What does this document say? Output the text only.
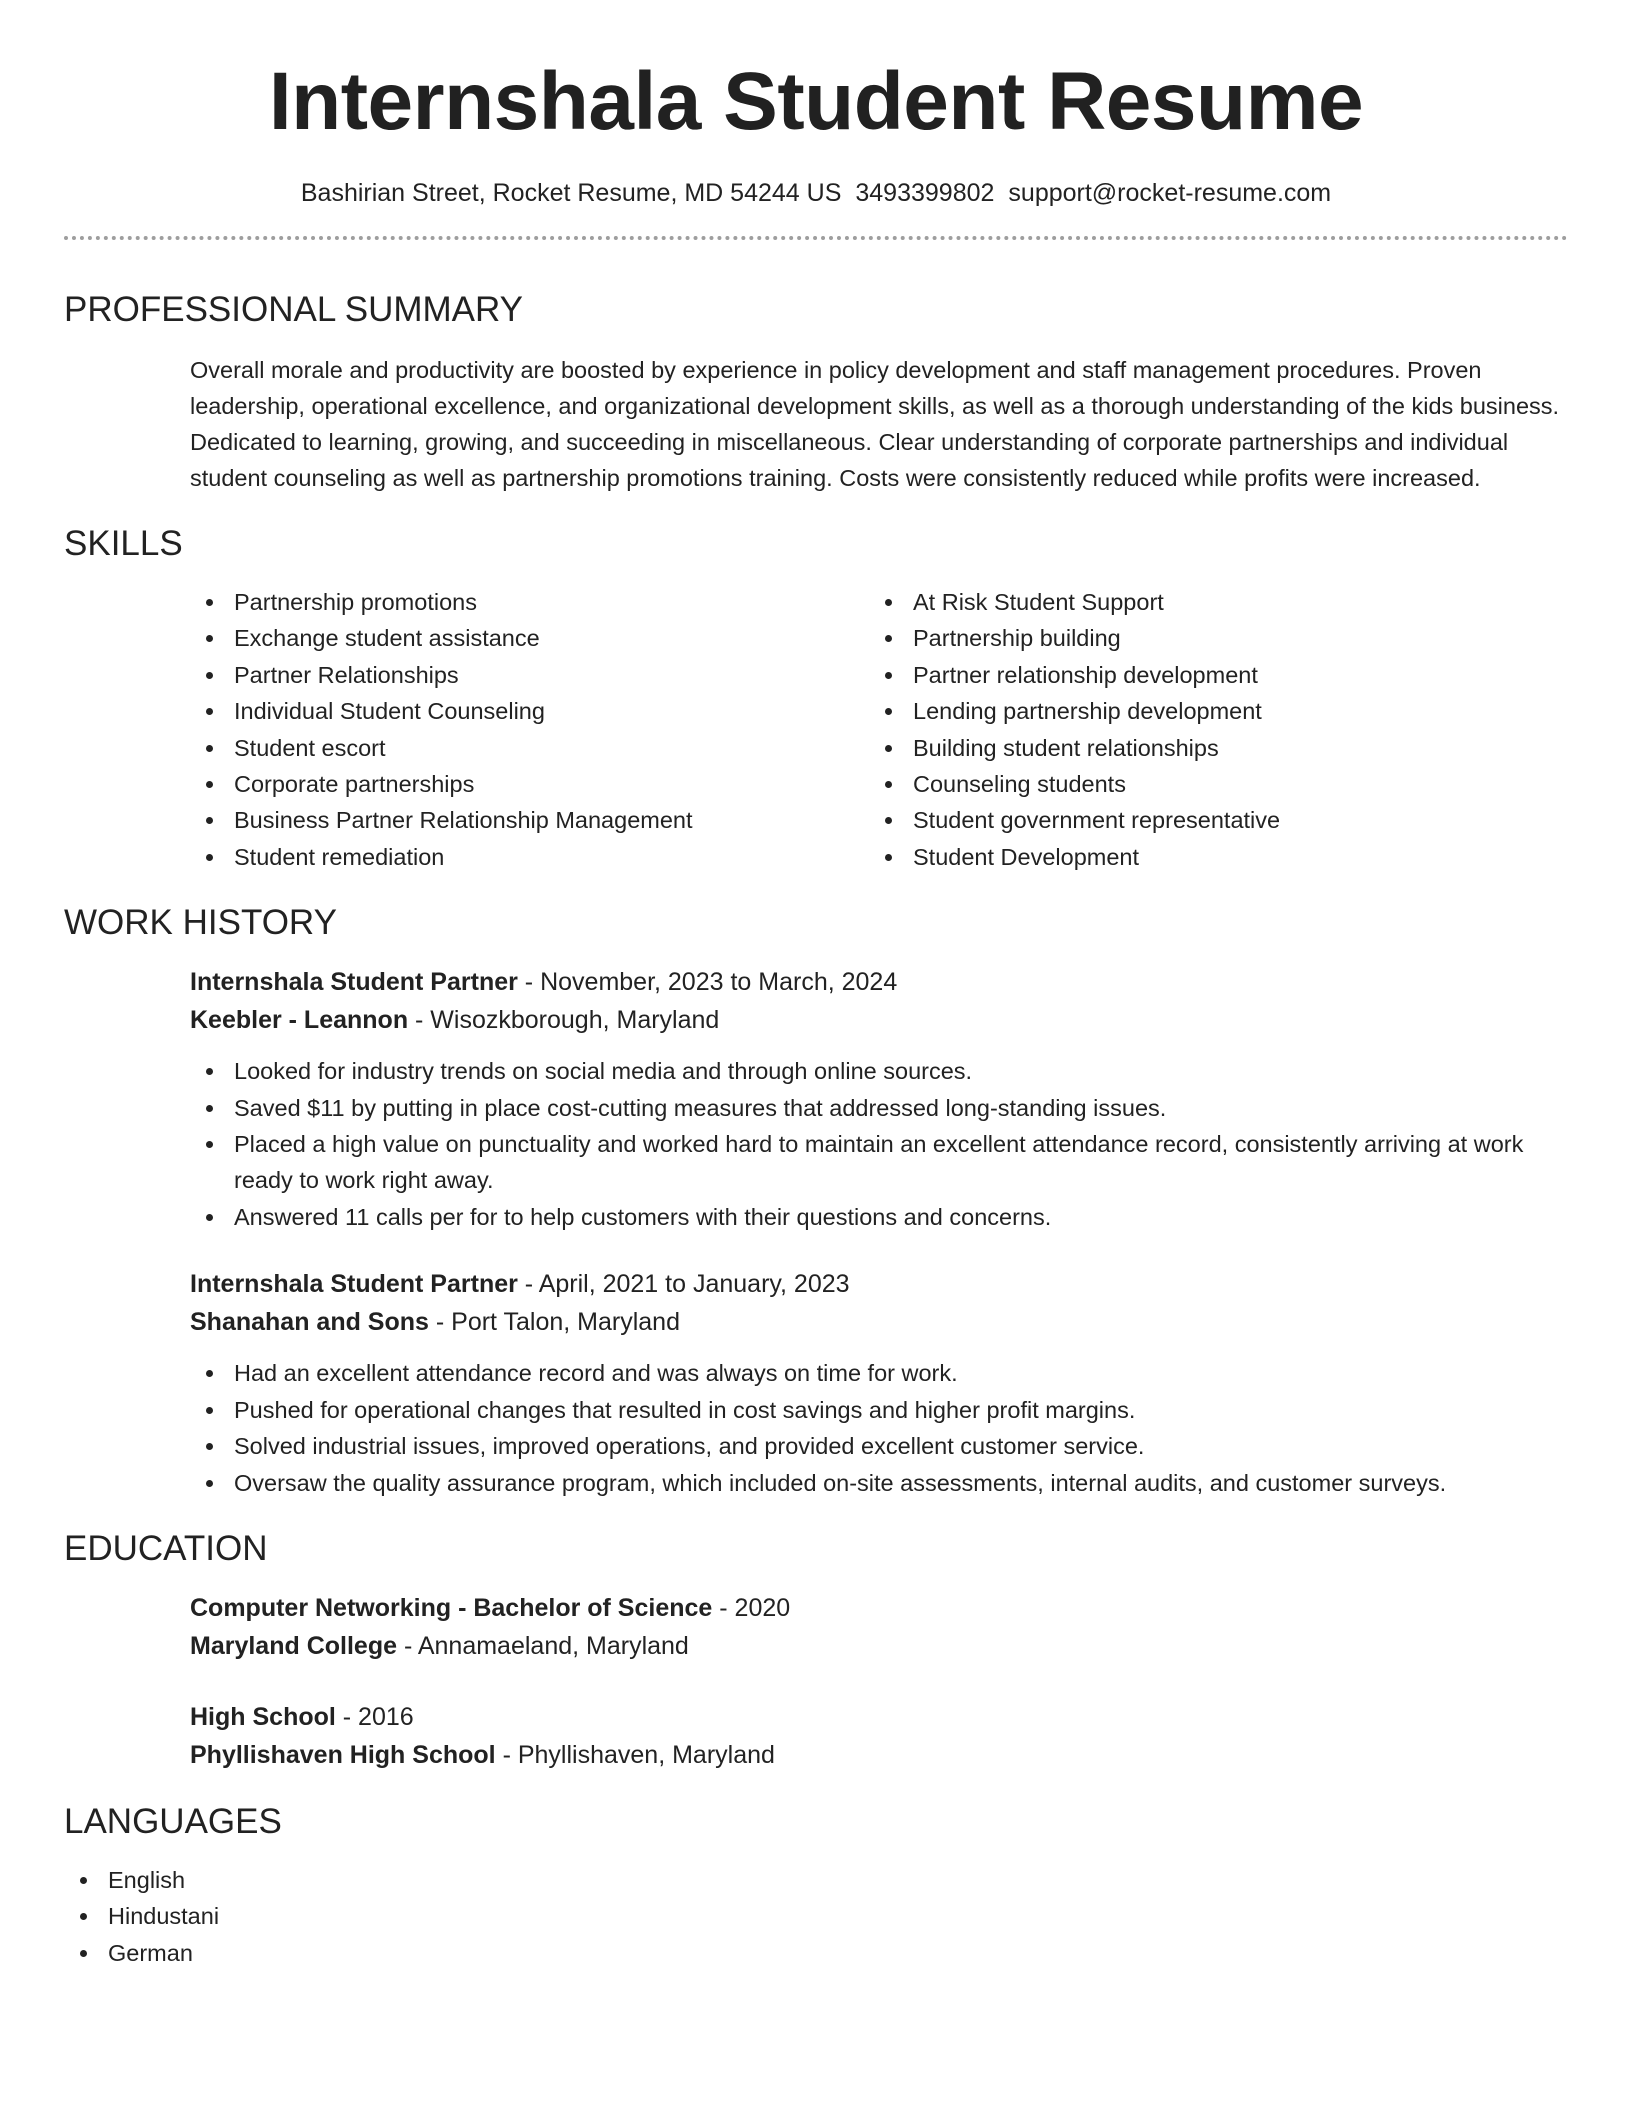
Internshala Student Resume
Bashirian Street, Rocket Resume, MD 54244 US 3493399802 support@rocket-resume.com
PROFESSIONAL SUMMARY
Overall morale and productivity are boosted by experience in policy development and staff management procedures. Proven leadership, operational excellence, and organizational development skills, as well as a thorough understanding of the kids business. Dedicated to learning, growing, and succeeding in miscellaneous. Clear understanding of corporate partnerships and individual student counseling as well as partnership promotions training. Costs were consistently reduced while profits were increased.
SKILLS
Partnership promotions
Exchange student assistance
Partner Relationships
Individual Student Counseling
Student escort
Corporate partnerships
Business Partner Relationship Management
Student remediation
At Risk Student Support
Partnership building
Partner relationship development
Lending partnership development
Building student relationships
Counseling students
Student government representative
Student Development
WORK HISTORY
Internshala Student Partner - November, 2023 to March, 2024
Keebler - Leannon - Wisozkborough, Maryland
Looked for industry trends on social media and through online sources.
Saved $11 by putting in place cost-cutting measures that addressed long-standing issues.
Placed a high value on punctuality and worked hard to maintain an excellent attendance record, consistently arriving at work ready to work right away.
Answered 11 calls per for to help customers with their questions and concerns.
Internshala Student Partner - April, 2021 to January, 2023
Shanahan and Sons - Port Talon, Maryland
Had an excellent attendance record and was always on time for work.
Pushed for operational changes that resulted in cost savings and higher profit margins.
Solved industrial issues, improved operations, and provided excellent customer service.
Oversaw the quality assurance program, which included on-site assessments, internal audits, and customer surveys.
EDUCATION
Computer Networking - Bachelor of Science - 2020
Maryland College - Annamaeland, Maryland
High School - 2016
Phyllishaven High School - Phyllishaven, Maryland
LANGUAGES
English
Hindustani
German
